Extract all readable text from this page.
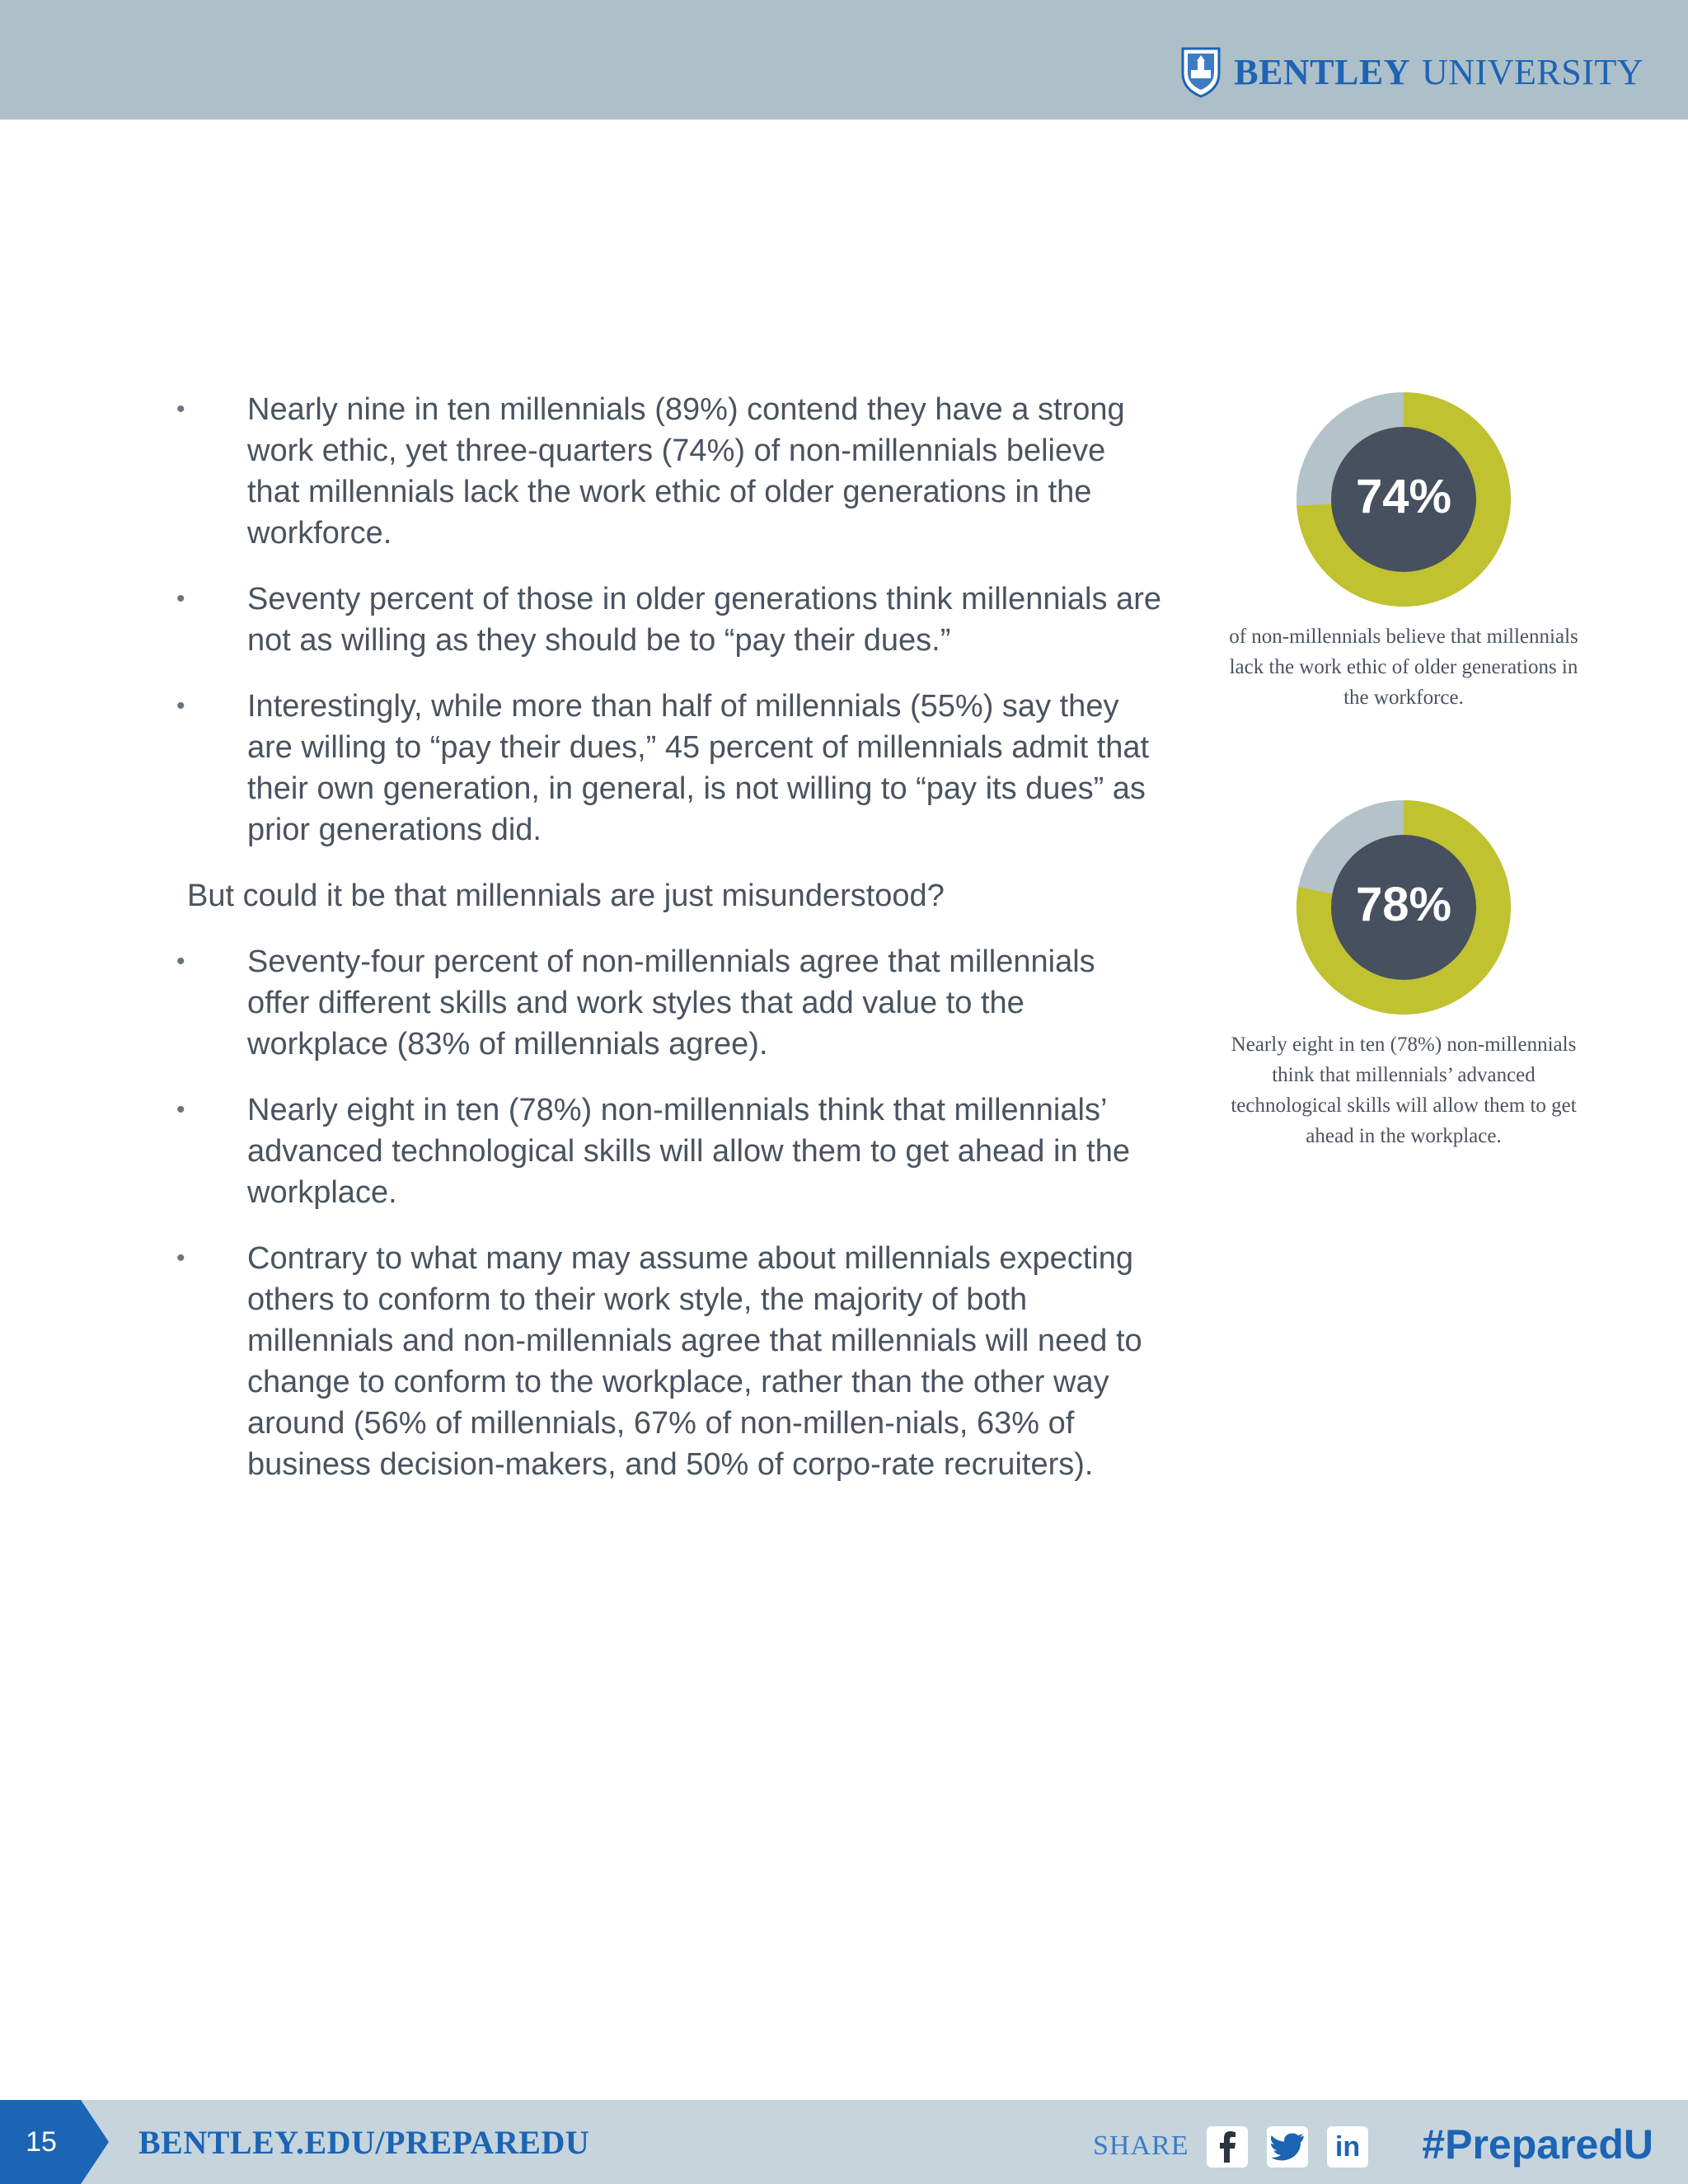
BENTLEY UNIVERSITY
• Nearly nine in ten millennials (89%) contend they have a strong work ethic, yet three-quarters (74%) of non-millennials believe that millennials lack the work ethic of older generations in the workforce.
• Seventy percent of those in older generations think millennials are not as willing as they should be to “pay their dues.”
• Interestingly, while more than half of millennials (55%) say they are willing to “pay their dues,” 45 percent of millennials admit that their own generation, in general, is not willing to “pay its dues” as prior generations did.
But could it be that millennials are just misunderstood?
• Seventy-four percent of non-millennials agree that millennials offer different skills and work styles that add value to the workplace (83% of millennials agree).
• Nearly eight in ten (78%) non-millennials think that millennials’ advanced technological skills will allow them to get ahead in the workplace.
• Contrary to what many may assume about millennials expecting others to conform to their work style, the majority of both millennials and non-millennials agree that millennials will need to change to conform to the workplace, rather than the other way around (56% of millennials, 67% of non-millen-nials, 63% of business decision-makers, and 50% of corpo-rate recruiters).
74%
of non-millennials believe that millennials lack the work ethic of older generations in the workforce.
78%
Nearly eight in ten (78%) non-millennials think that millennials’ advanced technological skills will allow them to get ahead in the workplace.
15	BENTLEY.EDU/PREPAREDU	SHARE	in #PreparedU
